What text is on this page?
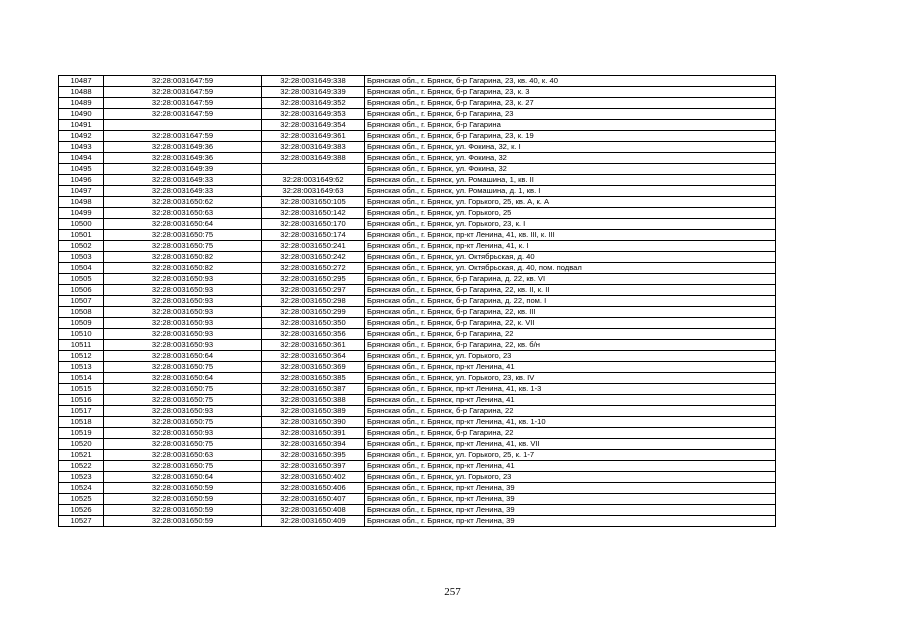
10487	32:28:0031647:59	32:28:0031649:338	Брянская обл., г. Брянск, б-р Гагарина, 23, кв. 40, к. 40
10488	32:28:0031647:59	32:28:0031649:339	Брянская обл., г. Брянск, б-р Гагарина, 23, к. 3
10489	32:28:0031647:59	32:28:0031649:352	Брянская обл., г. Брянск, б-р Гагарина, 23, к. 27
10490	32:28:0031647:59	32:28:0031649:353	Брянская обл., г. Брянск, б-р Гагарина, 23
10491		32:28:0031649:354	Брянская обл., г. Брянск, б-р Гагарина
10492	32:28:0031647:59	32:28:0031649:361	Брянская обл., г. Брянск, б-р Гагарина, 23, к. 19
10493	32:28:0031649:36	32:28:0031649:383	Брянская обл., г. Брянск, ул. Фокина, 32, к. I
10494	32:28:0031649:36	32:28:0031649:388	Брянская обл., г. Брянск, ул. Фокина, 32
10495	32:28:0031649:39		Брянская обл., г. Брянск, ул. Фокина, 32
10496	32:28:0031649:33	32:28:0031649:62	Брянская обл., г. Брянск, ул. Ромашина, 1, кв. II
10497	32:28:0031649:33	32:28:0031649:63	Брянская обл., г. Брянск, ул. Ромашина, д. 1, кв. I
10498	32:28:0031650:62	32:28:0031650:105	Брянская обл., г. Брянск, ул. Горького, 25, кв. А, к. А
10499	32:28:0031650:63	32:28:0031650:142	Брянская обл., г. Брянск, ул. Горького, 25
10500	32:28:0031650:64	32:28:0031650:170	Брянская обл., г. Брянск, ул. Горького, 23, к. I
10501	32:28:0031650:75	32:28:0031650:174	Брянская обл., г. Брянск, пр-кт Ленина, 41, кв. III, к. III
10502	32:28:0031650:75	32:28:0031650:241	Брянская обл., г. Брянск, пр-кт Ленина, 41, к. I
10503	32:28:0031650:82	32:28:0031650:242	Брянская обл., г. Брянск, ул. Октябрьская, д. 40
10504	32:28:0031650:82	32:28:0031650:272	Брянская обл., г. Брянск, ул. Октябрьская, д. 40, пом. подвал
10505	32:28:0031650:93	32:28:0031650:295	Брянская обл., г. Брянск, б-р Гагарина, д. 22, кв. VI
10506	32:28:0031650:93	32:28:0031650:297	Брянская обл., г. Брянск, б-р Гагарина, 22, кв. II, к. II
10507	32:28:0031650:93	32:28:0031650:298	Брянская обл., г. Брянск, б-р Гагарина, д. 22, пом. I
10508	32:28:0031650:93	32:28:0031650:299	Брянская обл., г. Брянск, б-р Гагарина, 22, кв. III
10509	32:28:0031650:93	32:28:0031650:350	Брянская обл., г. Брянск, б-р Гагарина, 22, к. VII
10510	32:28:0031650:93	32:28:0031650:356	Брянская обл., г. Брянск, б-р Гагарина, 22
10511	32:28:0031650:93	32:28:0031650:361	Брянская обл., г. Брянск, б-р Гагарина, 22, кв. б/н
10512	32:28:0031650:64	32:28:0031650:364	Брянская обл., г. Брянск, ул. Горького, 23
10513	32:28:0031650:75	32:28:0031650:369	Брянская обл., г. Брянск, пр-кт Ленина, 41
10514	32:28:0031650:64	32:28:0031650:385	Брянская обл., г. Брянск, ул. Горького, 23, кв. IV
10515	32:28:0031650:75	32:28:0031650:387	Брянская обл., г. Брянск, пр-кт Ленина, 41, кв. 1-3
10516	32:28:0031650:75	32:28:0031650:388	Брянская обл., г. Брянск, пр-кт Ленина, 41
10517	32:28:0031650:93	32:28:0031650:389	Брянская обл., г. Брянск, б-р Гагарина, 22
10518	32:28:0031650:75	32:28:0031650:390	Брянская обл., г. Брянск, пр-кт Ленина, 41, кв. 1-10
10519	32:28:0031650:93	32:28:0031650:391	Брянская обл., г. Брянск, б-р Гагарина, 22
10520	32:28:0031650:75	32:28:0031650:394	Брянская обл., г. Брянск, пр-кт Ленина, 41, кв. VII
10521	32:28:0031650:63	32:28:0031650:395	Брянская обл., г. Брянск, ул. Горького, 25, к. 1-7
10522	32:28:0031650:75	32:28:0031650:397	Брянская обл., г. Брянск, пр-кт Ленина, 41
10523	32:28:0031650:64	32:28:0031650:402	Брянская обл., г. Брянск, ул. Горького, 23
10524	32:28:0031650:59	32:28:0031650:406	Брянская обл., г. Брянск, пр-кт Ленина, 39
10525	32:28:0031650:59	32:28:0031650:407	Брянская обл., г. Брянск, пр-кт Ленина, 39
10526	32:28:0031650:59	32:28:0031650:408	Брянская обл., г. Брянск, пр-кт Ленина, 39
10527	32:28:0031650:59	32:28:0031650:409	Брянская обл., г. Брянск, пр-кт Ленина, 39
257
